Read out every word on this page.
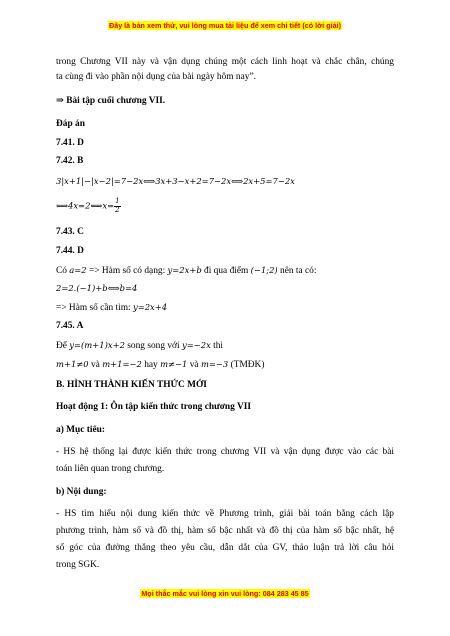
Đây là bản xem thử, vui lòng mua tài liệu để xem chi tiết (có lời giải)
trong Chương VII này và vận dụng chúng một cách linh hoạt và chắc chân, chúng
ta cùng đi vào phần nội dụng của bài ngày hôm nay”.
⇒ Bài tập cuối chương VII.
Đáp án
7.41. D
7.42. B
3|x+1|−|x−2|=7−2x⟺3x+3−x+2=7−2x⟺2x+5=7−2x
⟺4x=2⟺x= $\frac{1}{2}$
7.43. C
7.44. D
Có a=2 => Hàm số có dạng: y=2x+b đi qua điểm (−1;2) nên ta có:
2=2.(−1)+b⟺b=4
=> Hàm số cần tìm: y=2x+4
7.45. A
Để y=(m+1)x+2 song song với y=−2x thì
m+1≠0 và m+1=−2 hay m≠−1 và m=−3 (TMĐK)
B. HÌNH THÀNH KIẾN THỨC MỚI
Hoạt động 1: Ôn tập kiến thức trong chương VII
a) Mục tiêu:
- HS hệ thống lại được kiến thức trong chương VII và vận dụng được vào các bài
toán liên quan trong chương.
b) Nội dung:
- HS tìm hiểu nội dung kiến thức về Phương trình, giải bài toán bằng cách lập
phương trình, hàm số và đồ thị, hàm số bậc nhất và đồ thị của hàm số bậc nhất, hệ
số góc của đường thẳng theo yêu cầu, dẫn dắt của GV, thảo luận trả lời câu hỏi
trong SGK.
Mọi thắc mắc vui lòng xin vui lòng: 084 283 45 85
